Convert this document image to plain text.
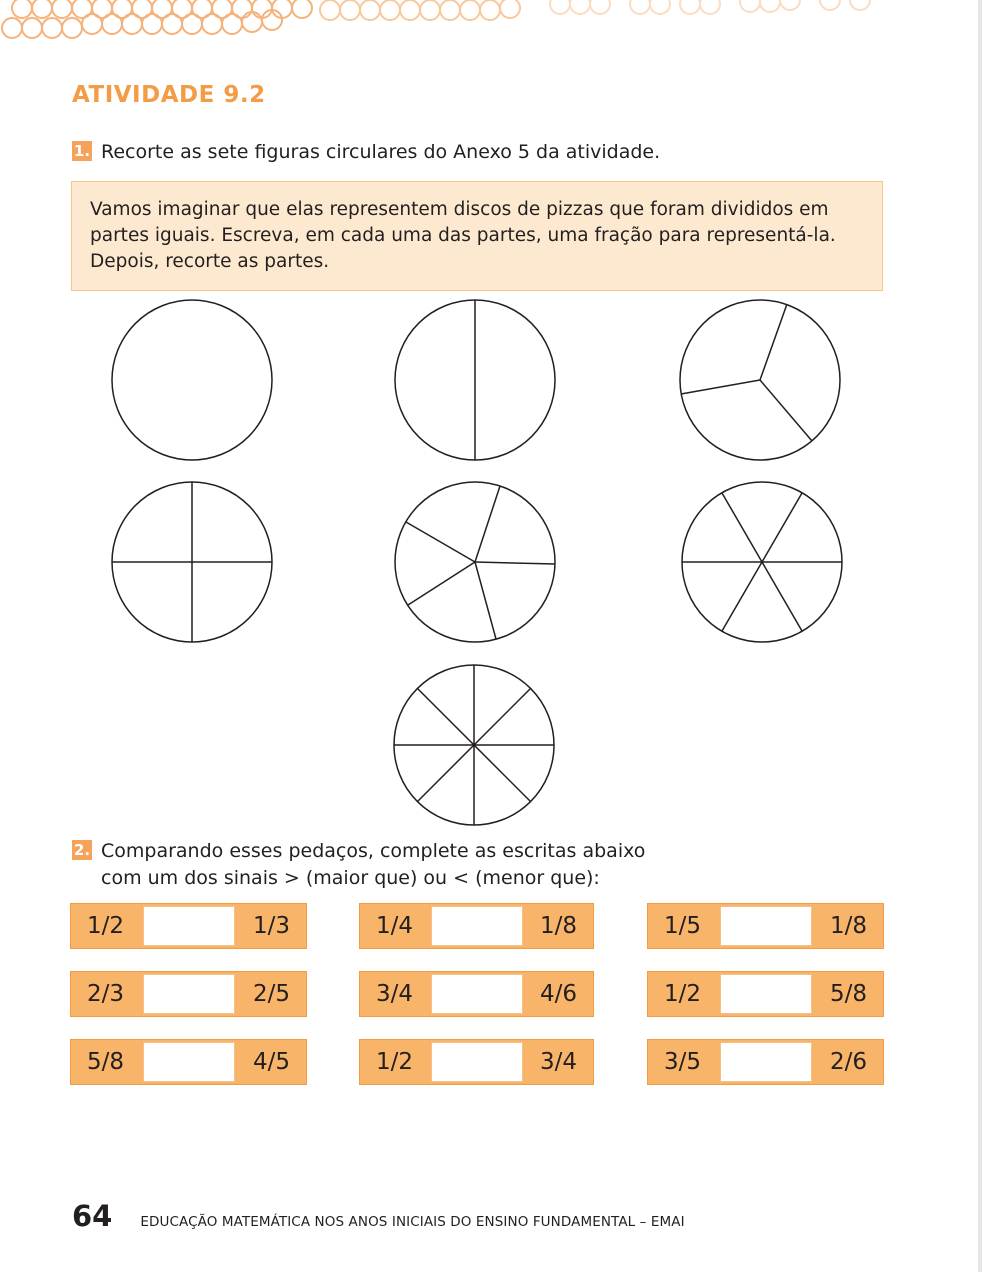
ATIVIDADE 9.2
1. Recorte as sete figuras circulares do Anexo 5 da atividade.
Vamos imaginar que elas representem discos de pizzas que foram divididos em
partes iguais. Escreva, em cada uma das partes, uma fração para representá-la.
Depois, recorte as partes.
2. Comparando esses pedaços, complete as escritas abaixo
com um dos sinais > (maior que) ou < (menor que):
1/2	1/3	1/4	1/8	1/5	1/8
2/3	2/5	3/4	4/6	1/2	5/8
5/8	4/5	1/2	3/4	3/5	2/6
64 EDUCAÇÃO MATEMÁTICA NOS ANOS INICIAIS DO ENSINO FUNDAMENTAL – EMAI
